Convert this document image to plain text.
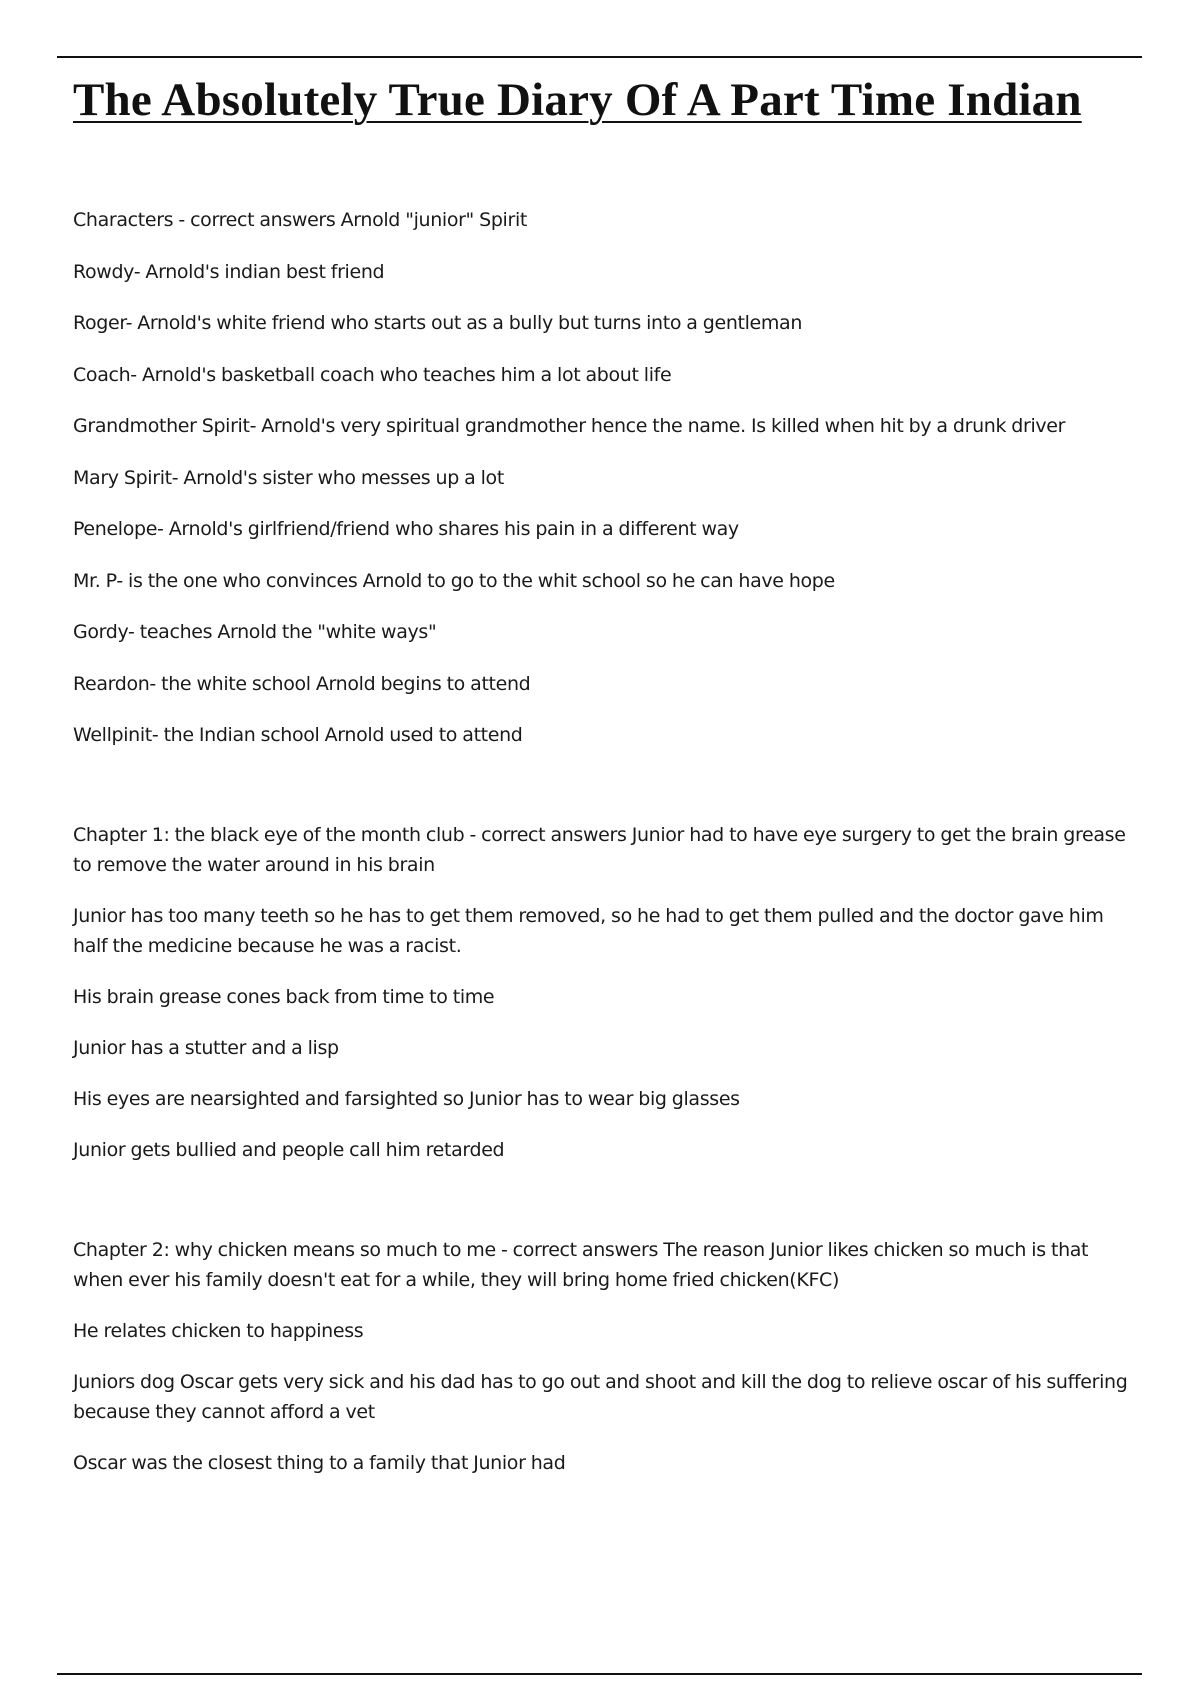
The Absolutely True Diary Of A Part Time Indian

Characters - correct answers Arnold "junior" Spirit

Rowdy- Arnold's indian best friend

Roger- Arnold's white friend who starts out as a bully but turns into a gentleman

Coach- Arnold's basketball coach who teaches him a lot about life

Grandmother Spirit- Arnold's very spiritual grandmother hence the name. Is killed when hit by a drunk driver

Mary Spirit- Arnold's sister who messes up a lot

Penelope- Arnold's girlfriend/friend who shares his pain in a different way

Mr. P- is the one who convinces Arnold to go to the whit school so he can have hope

Gordy- teaches Arnold the "white ways"

Reardon- the white school Arnold begins to attend

Wellpinit- the Indian school Arnold used to attend

Chapter 1: the black eye of the month club - correct answers Junior had to have eye surgery to get the brain grease to remove the water around in his brain

Junior has too many teeth so he has to get them removed, so he had to get them pulled and the doctor gave him half the medicine because he was a racist.

His brain grease cones back from time to time

Junior has a stutter and a lisp

His eyes are nearsighted and farsighted so Junior has to wear big glasses

Junior gets bullied and people call him retarded

Chapter 2: why chicken means so much to me - correct answers The reason Junior likes chicken so much is that when ever his family doesn't eat for a while, they will bring home fried chicken(KFC)

He relates chicken to happiness

Juniors dog Oscar gets very sick and his dad has to go out and shoot and kill the dog to relieve oscar of his suffering because they cannot afford a vet

Oscar was the closest thing to a family that Junior had
